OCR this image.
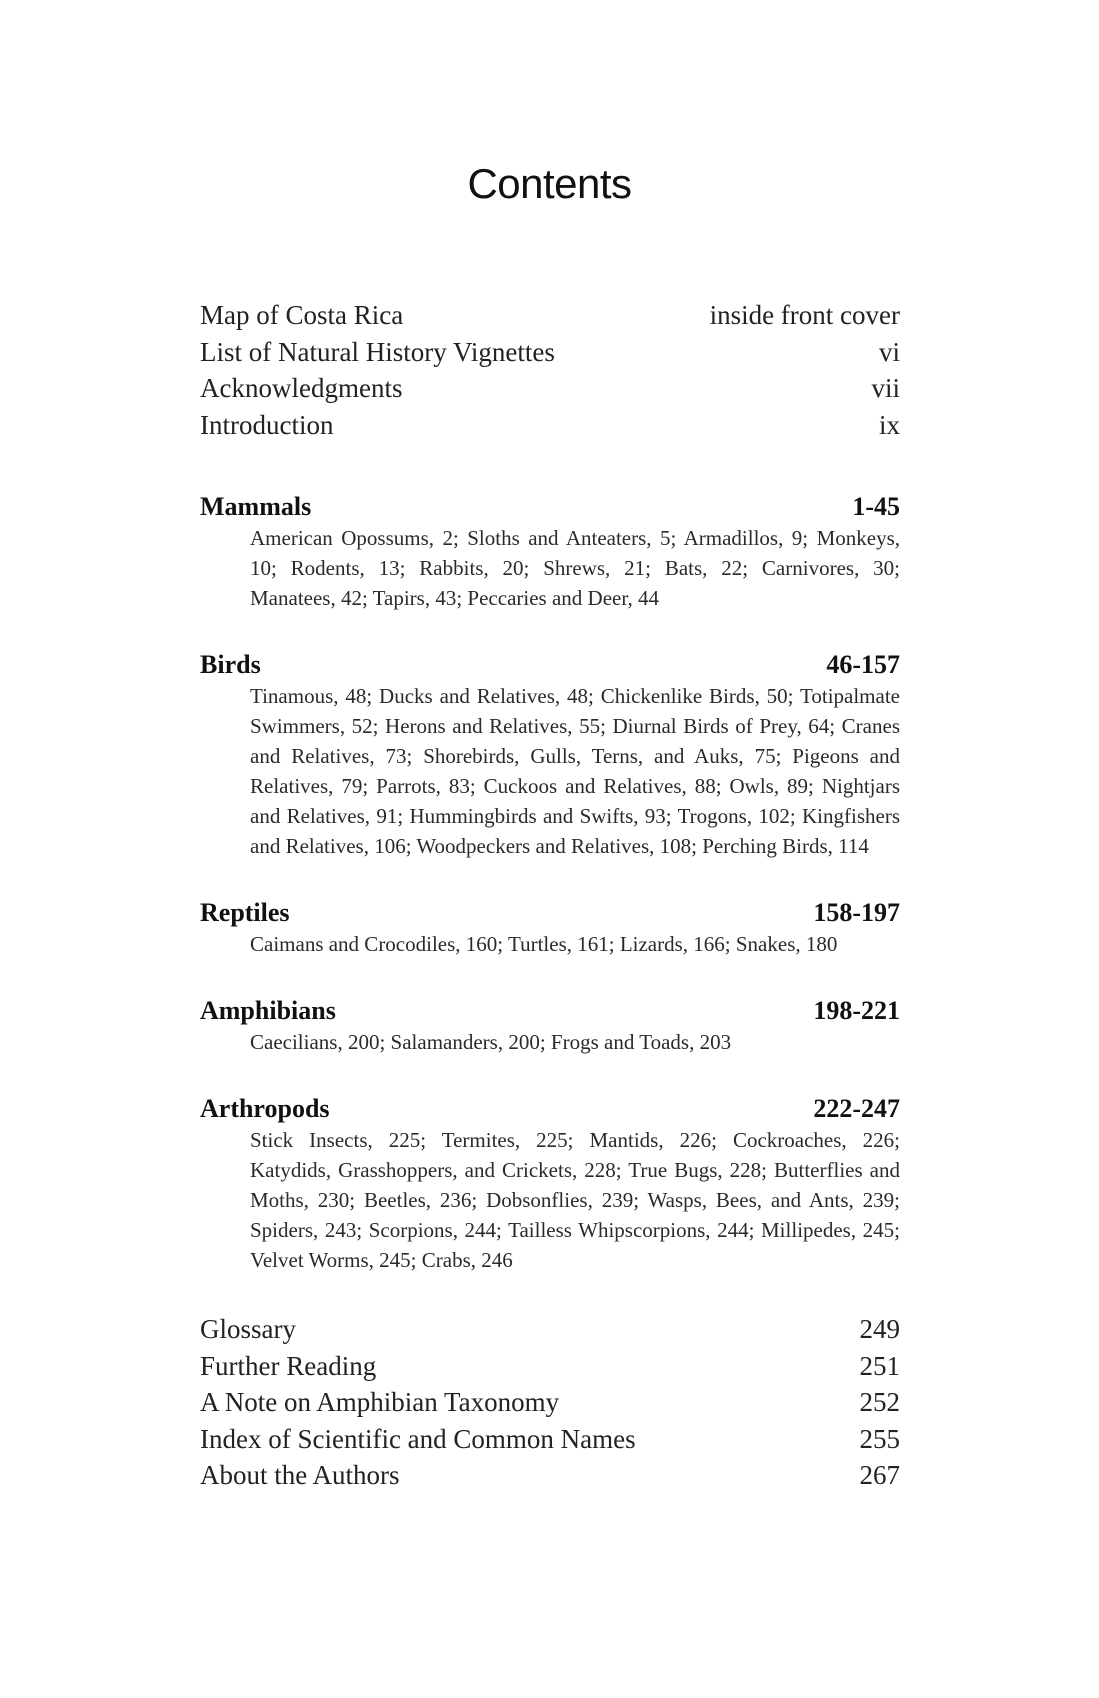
Contents
Map of Costa Rica	inside front cover
List of Natural History Vignettes	vi
Acknowledgments	vii
Introduction	ix
Mammals	1-45
American Opossums, 2; Sloths and Anteaters, 5; Armadillos, 9; Monkeys, 10; Rodents, 13; Rabbits, 20; Shrews, 21; Bats, 22; Carnivores, 30; Manatees, 42; Tapirs, 43; Peccaries and Deer, 44
Birds	46-157
Tinamous, 48; Ducks and Relatives, 48; Chickenlike Birds, 50; Totipalmate Swimmers, 52; Herons and Relatives, 55; Diurnal Birds of Prey, 64; Cranes and Relatives, 73; Shorebirds, Gulls, Terns, and Auks, 75; Pigeons and Relatives, 79; Parrots, 83; Cuckoos and Relatives, 88; Owls, 89; Nightjars and Relatives, 91; Hummingbirds and Swifts, 93; Trogons, 102; Kingfishers and Relatives, 106; Woodpeckers and Relatives, 108; Perching Birds, 114
Reptiles	158-197
Caimans and Crocodiles, 160; Turtles, 161; Lizards, 166; Snakes, 180
Amphibians	198-221
Caecilians, 200; Salamanders, 200; Frogs and Toads, 203
Arthropods	222-247
Stick Insects, 225; Termites, 225; Mantids, 226; Cockroaches, 226; Katydids, Grasshoppers, and Crickets, 228; True Bugs, 228; Butterflies and Moths, 230; Beetles, 236; Dobsonflies, 239; Wasps, Bees, and Ants, 239; Spiders, 243; Scorpions, 244; Tailless Whipscorpions, 244; Millipedes, 245; Velvet Worms, 245; Crabs, 246
Glossary	249
Further Reading	251
A Note on Amphibian Taxonomy	252
Index of Scientific and Common Names	255
About the Authors	267
